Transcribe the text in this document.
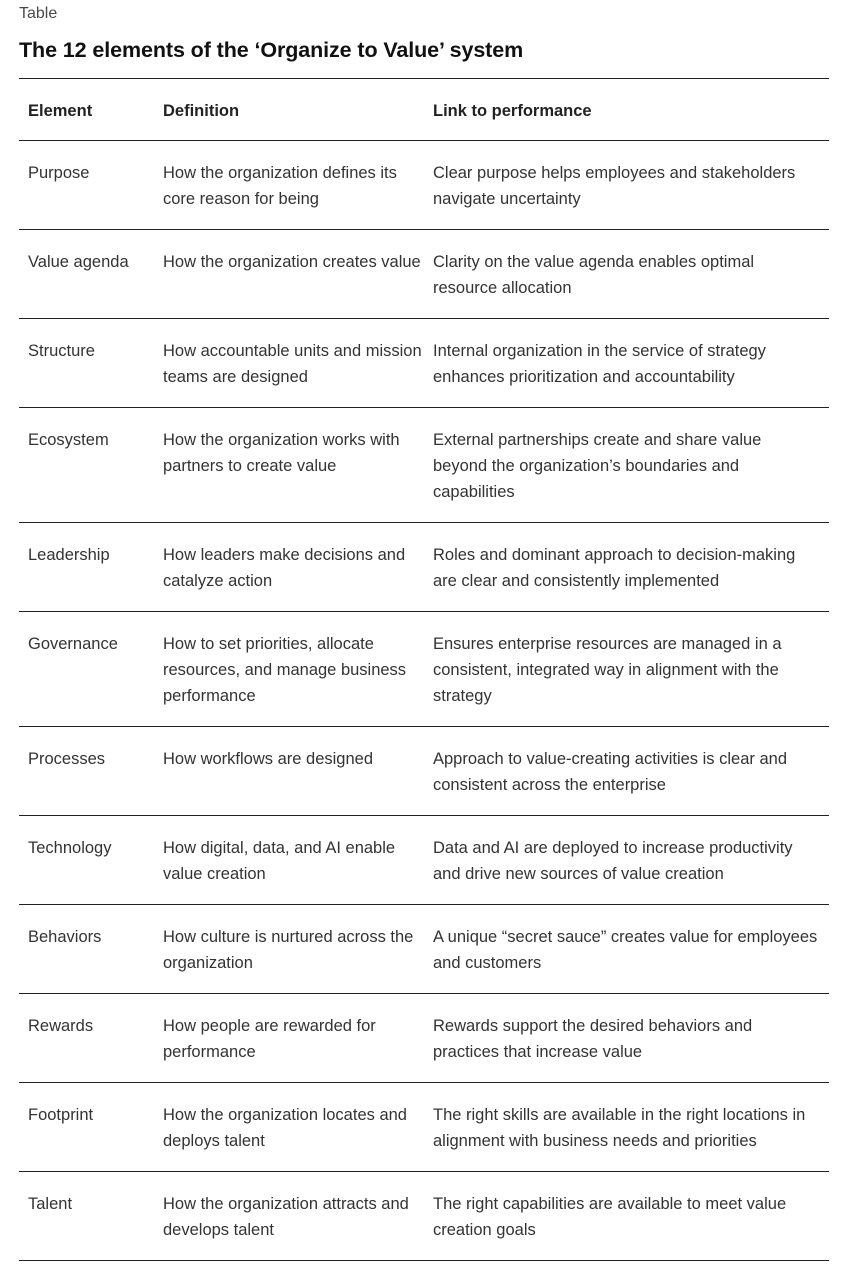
Table
The 12 elements of the ‘Organize to Value’ system
Element	Definition	Link to performance
Purpose	How the organization defines its core reason for being	Clear purpose helps employees and stakeholders navigate uncertainty
Value agenda	How the organization creates value	Clarity on the value agenda enables optimal resource allocation
Structure	How accountable units and mission teams are designed	Internal organization in the service of strategy enhances prioritization and accountability
Ecosystem	How the organization works with partners to create value	External partnerships create and share value beyond the organization’s boundaries and capabilities
Leadership	How leaders make decisions and catalyze action	Roles and dominant approach to decision-making are clear and consistently implemented
Governance	How to set priorities, allocate resources, and manage business performance	Ensures enterprise resources are managed in a consistent, integrated way in alignment with the strategy
Processes	How workflows are designed	Approach to value-creating activities is clear and consistent across the enterprise
Technology	How digital, data, and AI enable value creation	Data and AI are deployed to increase productivity and drive new sources of value creation
Behaviors	How culture is nurtured across the organization	A unique “secret sauce” creates value for employees and customers
Rewards	How people are rewarded for performance	Rewards support the desired behaviors and practices that increase value
Footprint	How the organization locates and deploys talent	The right skills are available in the right locations in alignment with business needs and priorities
Talent	How the organization attracts and develops talent	The right capabilities are available to meet value creation goals
